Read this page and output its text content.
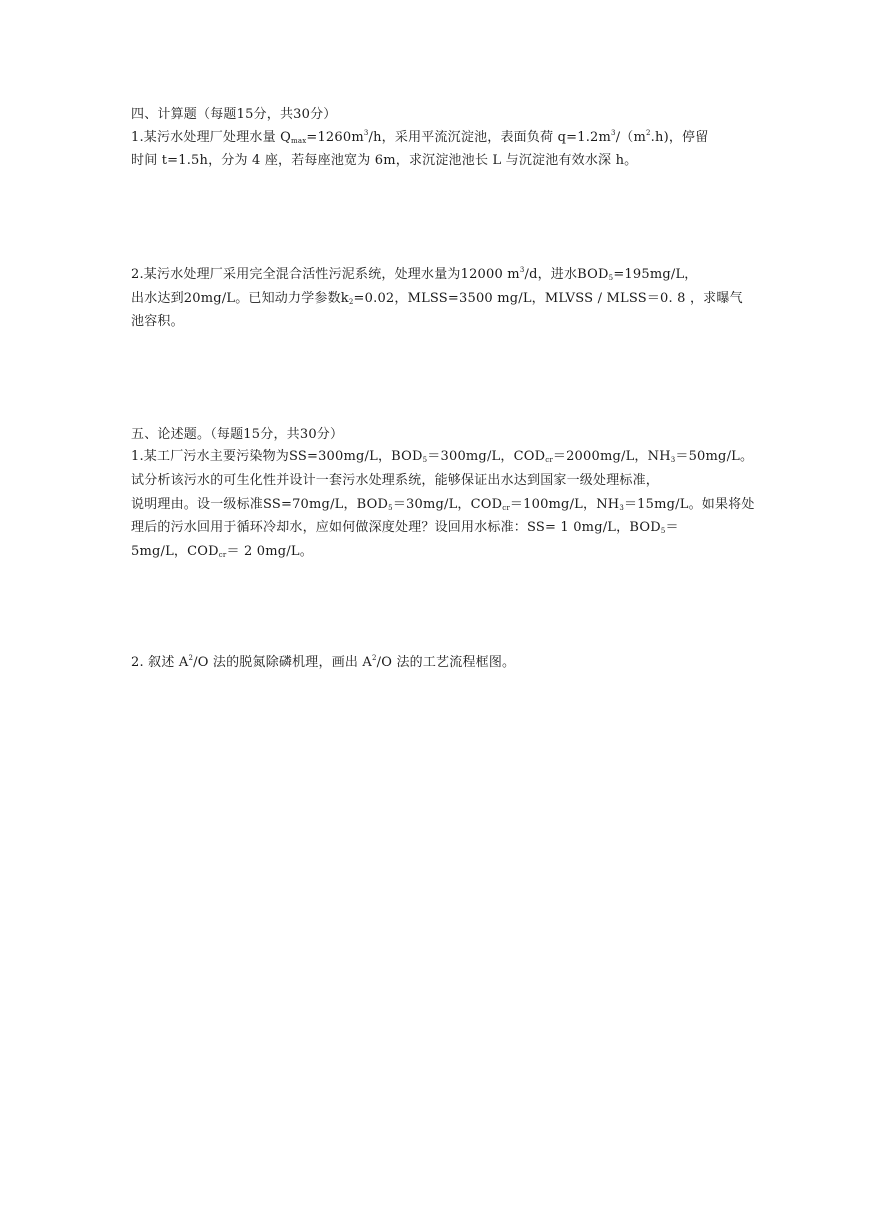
四、计算题（每题15分，共30分）
1.某污水处理厂处理水量 $Q_{max}=1260m^3/h$，采用平流沉淀池，表面负荷 $q=1.2m^3/(m^2.h)$，停留
时间 t=1.5h，分为 4 座，若每座池宽为 6m，求沉淀池池长 L 与沉淀池有效水深 h。
2.某污水处理厂采用完全混合活性污泥系统，处理水量为12000 $m^3/d$，进水$BOD_5=195mg/L$，
出水达到20mg/L。已知动力学参数$k_2=0.02$，MLSS=3500 mg/L，MLVSS / MLSS＝0. 8 ，求曝气
池容积。
五、论述题。（每题15分，共30分）
1.某工厂污水主要污染物为SS=300mg/L，$BOD_5=300mg/L$，$COD_{cr}=2000mg/L$，$NH_3=50mg/L$。
试分析该污水的可生化性并设计一套污水处理系统，能够保证出水达到国家一级处理标准，
说明理由。设一级标准SS=70mg/L，$BOD_5=30mg/L$，$COD_{cr}=100mg/L$，$NH_3=15mg/L$。如果将处
理后的污水回用于循环冷却水，应如何做深度处理？设回用水标准：SS= 1 0mg/L，$BOD_5=$
5mg/L，$COD_{cr}= 2$ 0mg/L。
2. 叙述 $A^2/O$ 法的脱氮除磷机理，画出 $A^2/O$ 法的工艺流程框图。
